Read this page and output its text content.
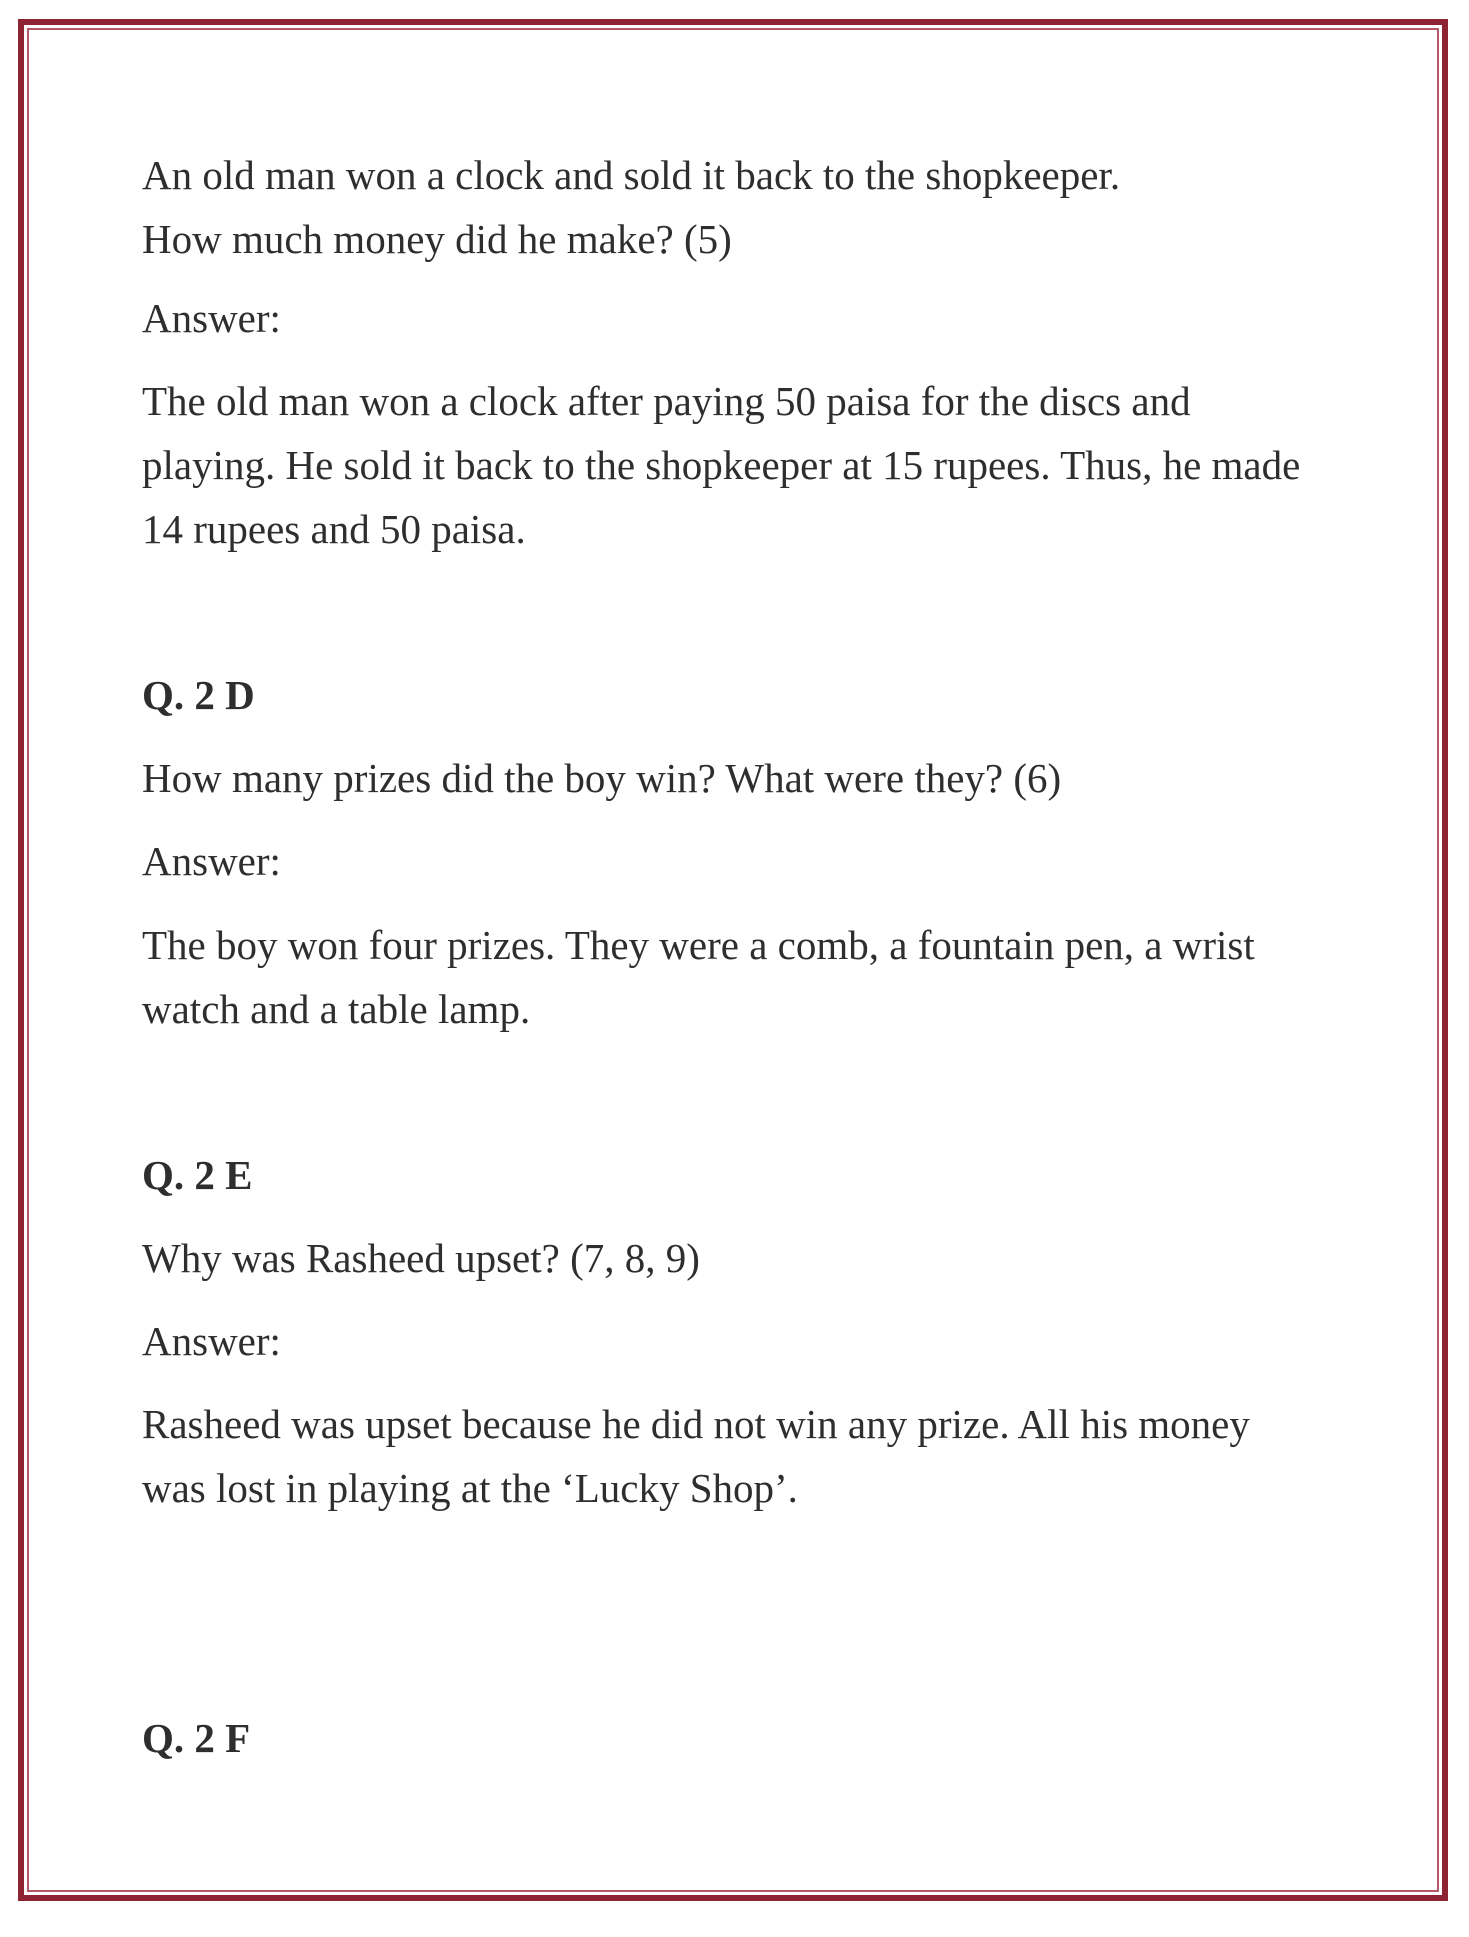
An old man won a clock and sold it back to the shopkeeper. How much money did he make? (5)

Answer:

The old man won a clock after paying 50 paisa for the discs and playing. He sold it back to the shopkeeper at 15 rupees. Thus, he made 14 rupees and 50 paisa.

Q. 2 D

How many prizes did the boy win? What were they? (6)

Answer:

The boy won four prizes. They were a comb, a fountain pen, a wrist watch and a table lamp.

Q. 2 E

Why was Rasheed upset? (7, 8, 9)

Answer:

Rasheed was upset because he did not win any prize. All his money was lost in playing at the ‘Lucky Shop’.

Q. 2 F
